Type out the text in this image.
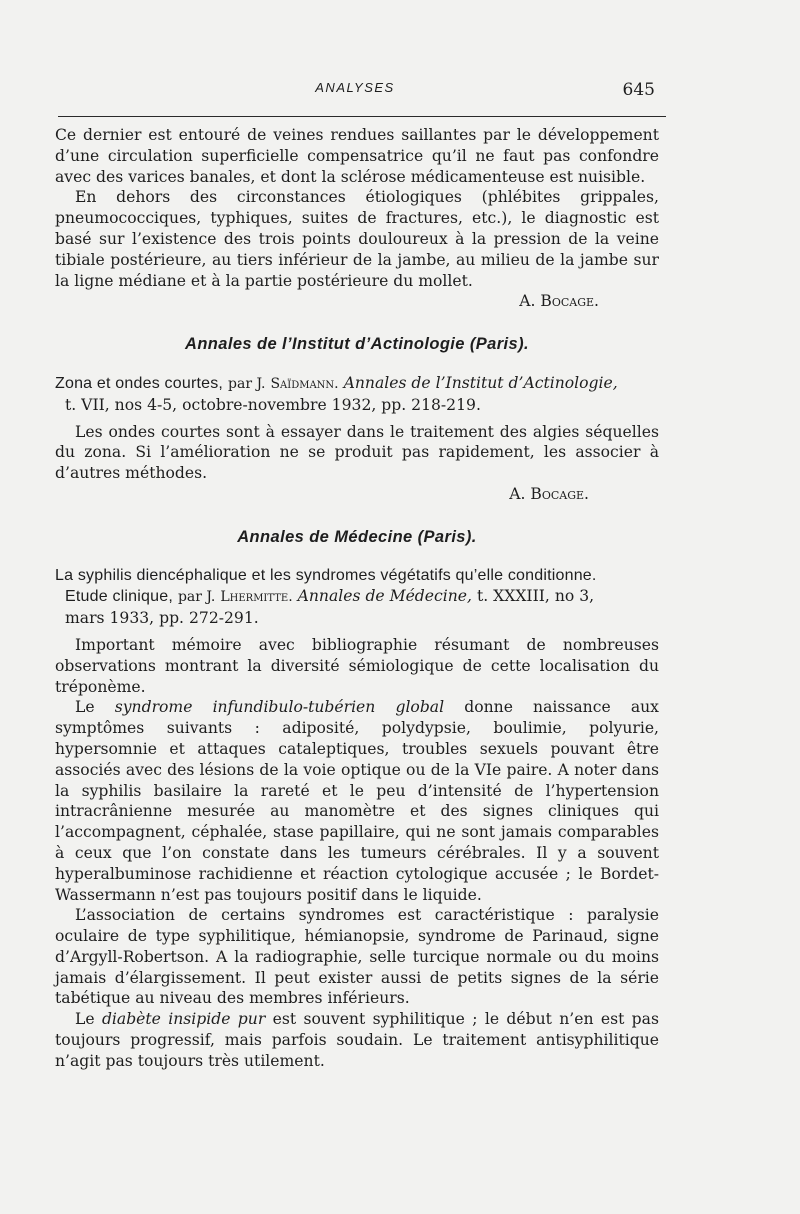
ANALYSES	645

Ce dernier est entouré de veines rendues saillantes par le développement d’une circulation superficielle compensatrice qu’il ne faut pas confondre avec des varices banales, et dont la sclérose médicamenteuse est nuisible.

En dehors des circonstances étiologiques (phlébites grippales, pneumococciques, typhiques, suites de fractures, etc.), le diagnostic est basé sur l’existence des trois points douloureux à la pression de la veine tibiale postérieure, au tiers inférieur de la jambe, au milieu de la jambe sur la ligne médiane et à la partie postérieure du mollet.

A. Bocage.

Annales de l’Institut d’Actinologie (Paris).

Zona et ondes courtes, par J. Saïdmann. Annales de l’Institut d’Actinologie,

t. VII, nos 4-5, octobre-novembre 1932, pp. 218-219.

Les ondes courtes sont à essayer dans le traitement des algies séquelles du zona. Si l’amélioration ne se produit pas rapidement, les associer à d’autres méthodes.

A. Bocage.
Annales de Médecine (Paris).

La syphilis diencéphalique et les syndromes végétatifs qu’elle conditionne.

Etude clinique, par J. Lhermitte. Annales de Médecine, t. XXXIII, no 3,

mars 1933, pp. 272-291.

Important mémoire avec bibliographie résumant de nombreuses observations montrant la diversité sémiologique de cette localisation du tréponème.

Le syndrome infundibulo-tubérien global donne naissance aux symptômes suivants : adiposité, polydypsie, boulimie, polyurie, hypersomnie et attaques cataleptiques, troubles sexuels pouvant être associés avec des lésions de la voie optique ou de la VIe paire. A noter dans la syphilis basilaire la rareté et le peu d’intensité de l’hypertension intracrânienne mesurée au manomètre et des signes cliniques qui l’accompagnent, céphalée, stase papillaire, qui ne sont jamais comparables à ceux que l’on constate dans les tumeurs cérébrales. Il y a souvent hyperalbuminose rachidienne et réaction cytologique accusée ; le Bordet-Wassermann n’est pas toujours positif dans le liquide.

L’association de certains syndromes est caractéristique : paralysie oculaire de type syphilitique, hémianopsie, syndrome de Parinaud, signe d’Argyll-Robertson. A la radiographie, selle turcique normale ou du moins jamais d’élargissement. Il peut exister aussi de petits signes de la série tabétique au niveau des membres inférieurs.

Le diabète insipide pur est souvent syphilitique ; le début n’en est pas toujours progressif, mais parfois soudain. Le traitement antisyphilitique n’agit pas toujours très utilement.
